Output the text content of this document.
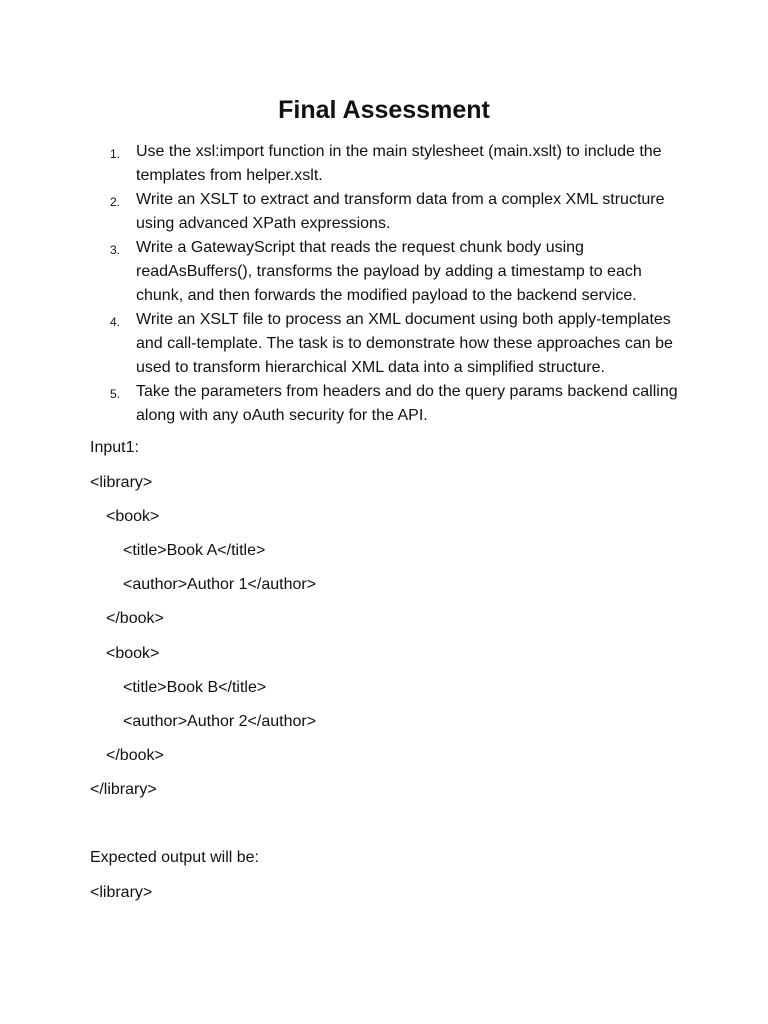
Final Assessment
1. Use the xsl:import function in the main stylesheet (main.xslt) to include the templates from helper.xslt.
2. Write an XSLT to extract and transform data from a complex XML structure using advanced XPath expressions.
3. Write a GatewayScript that reads the request chunk body using readAsBuffers(), transforms the payload by adding a timestamp to each chunk, and then forwards the modified payload to the backend service.
4. Write an XSLT file to process an XML document using both apply-templates and call-template. The task is to demonstrate how these approaches can be used to transform hierarchical XML data into a simplified structure.
5. Take the parameters from headers and do the query params backend calling along with any oAuth security for the API.

Input1:

<library>

<book>

<title>Book A</title>

<author>Author 1</author>

</book>

<book>

<title>Book B</title>

<author>Author 2</author>

</book>

</library>

Expected output will be:

<library>
